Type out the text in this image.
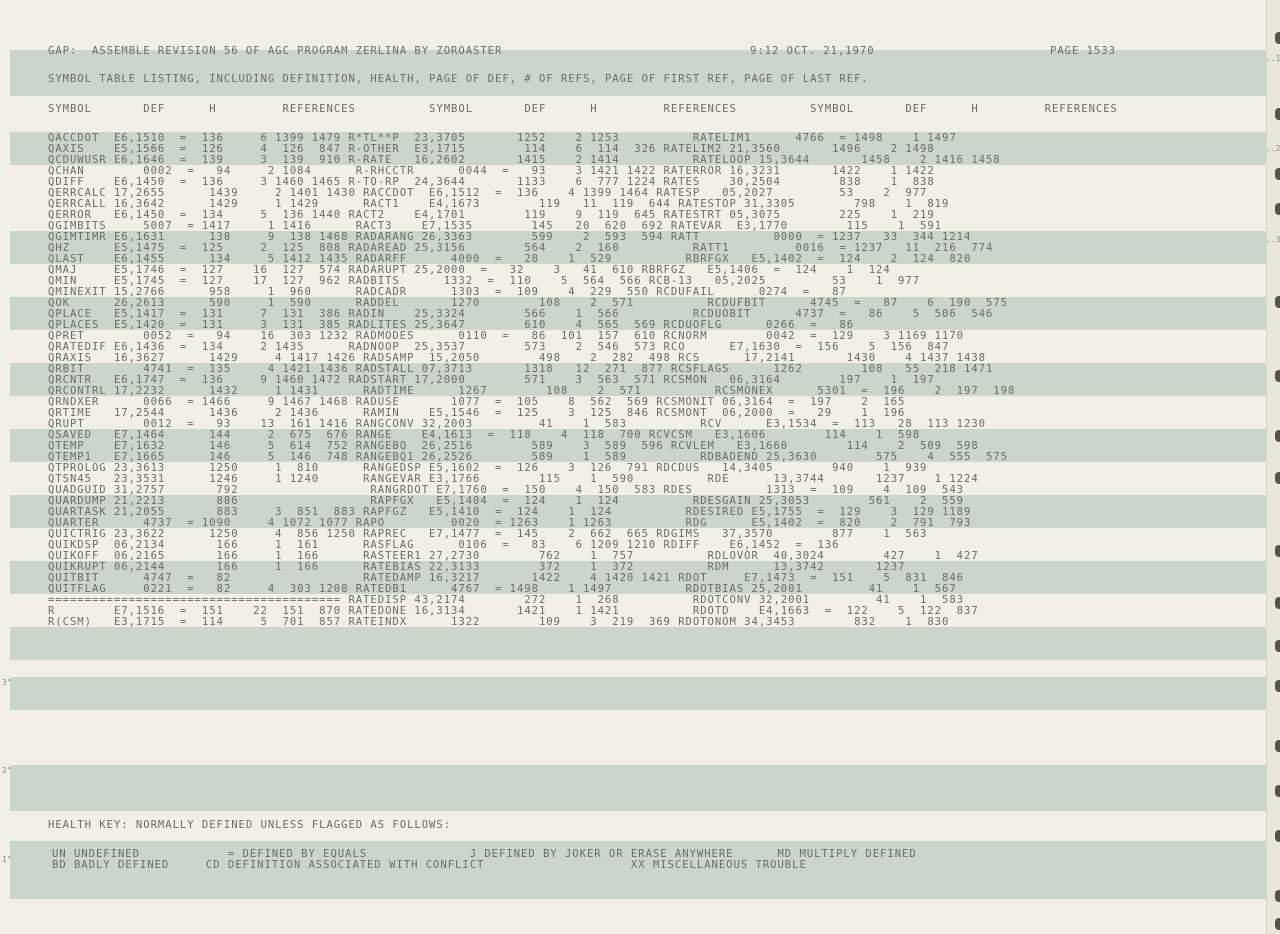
..1
..2
..3
3"
2"
1"
GAP:  ASSEMBLE REVISION 56 OF AGC PROGRAM ZERLINA BY ZOROASTER	9:12 OCT. 21,1970	PAGE 1533
SYMBOL TABLE LISTING, INCLUDING DEFINITION, HEALTH, PAGE OF DEF, # OF REFS, PAGE OF FIRST REF, PAGE OF LAST REF.
SYMBOL       DEF      H         REFERENCES          SYMBOL       DEF      H         REFERENCES          SYMBOL       DEF      H         REFERENCES
QACCDOT  E6,1510  =  136     6 1399 1479 R*TL**P  23,3705       1252    2 1253          RATELIM1      4766  = 1498    1 1497
QAXIS    E5,1566  =  126     4  126  847 R-OTHER  E3,1715        114    6  114  326 RATELIM2 21,3560       1496    2 1498
QCDUWUSR E6,1646  =  139     3  139  910 R-RATE   16,2602       1415    2 1414          RATELOOP 15,3644       1458    2 1416 1458
QCHAN        0002  =   94     2 1084      R-RHCCTR      0044  =   93    3 1421 1422 RATERROR 16,3231       1422    1 1422
QDIFF    E6,1450  =  136     3 1460 1465 R-TO-RP  24,3644       1133    6  777 1224 RATES    30,2504        838    1  838
QERRCALC 17,2655      1439     2 1401 1430 RACCDOT  E6,1512  =  136    4 1399 1464 RATESP   05,2027         53    2  977
QERRCALL 16,3642      1429     1 1429      RACT1    E4,1673        119   11  119  644 RATESTOP 31,3305        798    1  819
QERROR   E6,1450  =  134     5  136 1440 RACT2    E4,1701        119    9  119  645 RATESTRT 05,3075        225    1  219
QGIMBITS     5007  = 1417     1 1416      RACT3    E7,1535        145   20  620  692 RATEVAR  E3,1770        115    1  591
QGIMTIMR E6,1631      138     9  138 1468 RADARANG 26,3363        599    2  593  594 RATT          0000  = 1237   33  344 1214
QHZ      E5,1475  =  125     2  125  808 RADAREAD 25,3156        564    2  160          RATT1         0016  = 1237   11  216  774
QLAST    E6,1455      134     5 1412 1435 RADARFF      4000  =   28    1  529          RBRFGX   E5,1402  =  124    2  124  820
QMAJ     E5,1746  =  127    16  127  574 RADARUPT 25,2000  =   32    3   41  610 RBRFGZ   E5,1406  =  124    1  124
QMIN     E5,1745  =  127    17  127  962 RADBITS      1332  =  110    5  564  566 RCB-13   05,2025         53    1  977
QMINEXIT 15,2766      958     1  960      RADCADR      1303  =  109    4  229  550 RCDUFAIL      0274  =   87
QOK      26,2613      590     1  590      RADDEL       1270        108    2  571          RCDUFBIT      4745  =   87    6  190  575
QPLACE   E5,1417  =  131     7  131  386 RADIN    25,3324        566    1  566          RCDUOBIT      4737  =   86    5  506  546
QPLACES  E5,1420  =  131     3  131  385 RADLITES 25,3647        610    4  565  569 RCDUOFLG      0266  =   86
QPRET        0052  =   94    16  303 1232 RADMODES      0110  =   86  101  157  610 RCNORM        0042  =  129    3 1169 1170
QRATEDIF E6,1436  =  134     2 1435      RADNOOP  25,3537        573    2  546  573 RCO      E7,1630  =  156    5  156  847
QRAXIS   16,3627      1429     4 1417 1426 RADSAMP  15,2050        498    2  282  498 RCS      17,2141       1430    4 1437 1438
QRBIT        4741  =  135     4 1421 1436 RADSTALL 07,3713       1318   12  271  877 RCSFLAGS      1262        108   55  218 1471
QRCNTR   E6,1747  =  136     9 1460 1472 RADSTART 17,2000        571    3  563  571 RCSMON   06,3164        197    1  197
QRCONTRL 17,2232      1432     1 1431      RADTIME      1267        108    2  571          RCSMONEX      5301  =  196    2  197  198
QRNDXER      0066  = 1466     9 1467 1468 RADUSE       1077  =  105    8  562  569 RCSMONIT 06,3164  =  197    2  165
QRTIME   17,2544      1436     2 1436      RAMIN    E5,1546  =  125    3  125  846 RCSMONT  06,2000  =   29    1  196
QRUPT        0012  =   93    13  161 1416 RANGCONV 32,2003         41    1  583          RCV      E3,1534  =  113   28  113 1230
QSAVED   E7,1464      144     2  675  676 RANGE    E4,1613  =  118    4  118  700 RCVCSM   E3,1606        114    1  598
QTEMP    E7,1632      146     5  614  752 RANGEBQ  26,2516        589    3  589  596 RCVLEM   E3,1660        114    2  509  598
QTEMP1   E7,1665      146     5  146  748 RANGEBQ1 26,2526        589    1  589          RDBADEND 25,3630        575    4  555  575
QTPROLOG 23,3613      1250     1  810      RANGEDSP E5,1602  =  126    3  126  791 RDCDUS   14,3405        940    1  939
QTSN45   23,3531      1246     1 1240      RANGEVAR E3,1766        115    1  590          RDE      13,3744       1237    1 1224
QUADGUID 31,2757       792                  RANGRDOT E7,1760  =  150    4  150  583 RDES          1313  =  109    4  109  543
QUARDUMP 21,2213       886                  RAPFGX   E5,1404  =  124    1  124          RDESGAIN 25,3053        561    2  559
QUARTASK 21,2055       883     3  851  883 RAPFGZ   E5,1410  =  124    1  124          RDESIRED E5,1755  =  129    3  129 1189
QUARTER      4737  = 1090     4 1072 1077 RAPO         0020  = 1263    1 1263          RDG      E5,1402  =  820    2  791  793
QUICTRIG 23,3622      1250     4  856 1250 RAPREC   E7,1477  =  145    2  662  665 RDGIMS   37,3570        877    1  563
QUIKDSP  06,2134       166     1  161      RASFLAG      0106  =   83    6 1209 1210 RDIFF    E6,1452  =  136
QUIKOFF  06,2165       166     1  166      RASTEER1 27,2730        762    1  757          RDLOVOR  40,3024        427    1  427
QUIKRUPT 06,2144       166     1  166      RATEBIAS 22,3133        372    1  372          RDM      13,3742       1237
QUITBIT      4747  =   82                  RATEDAMP 16,3217       1422    4 1420 1421 RDOT     E7,1473  =  151    5  831  846
QUITFLAG     0221  =   82     4  303 1208 RATEDB1      4767  = 1498    1 1497          RDOTBIAS 25,2001         41    1  567
======================================== RATEDISP 43,2174        272    1  268          RDOTCONV 32,2001         41    1  583
R        E7,1516  =  151    22  151  870 RATEDONE 16,3134       1421    1 1421          RDOTD    E4,1663  =  122    5  122  837
R(CSM)   E3,1715  =  114     5  701  857 RATEINDX      1322        109    3  219  369 RDOTONOM 34,3453        832    1  830
HEALTH KEY: NORMALLY DEFINED UNLESS FLAGGED AS FOLLOWS:
UN UNDEFINED            = DEFINED BY EQUALS              J DEFINED BY JOKER OR ERASE ANYWHERE      MD MULTIPLY DEFINED
BD BADLY DEFINED     CD DEFINITION ASSOCIATED WITH CONFLICT                    XX MISCELLANEOUS TROUBLE
